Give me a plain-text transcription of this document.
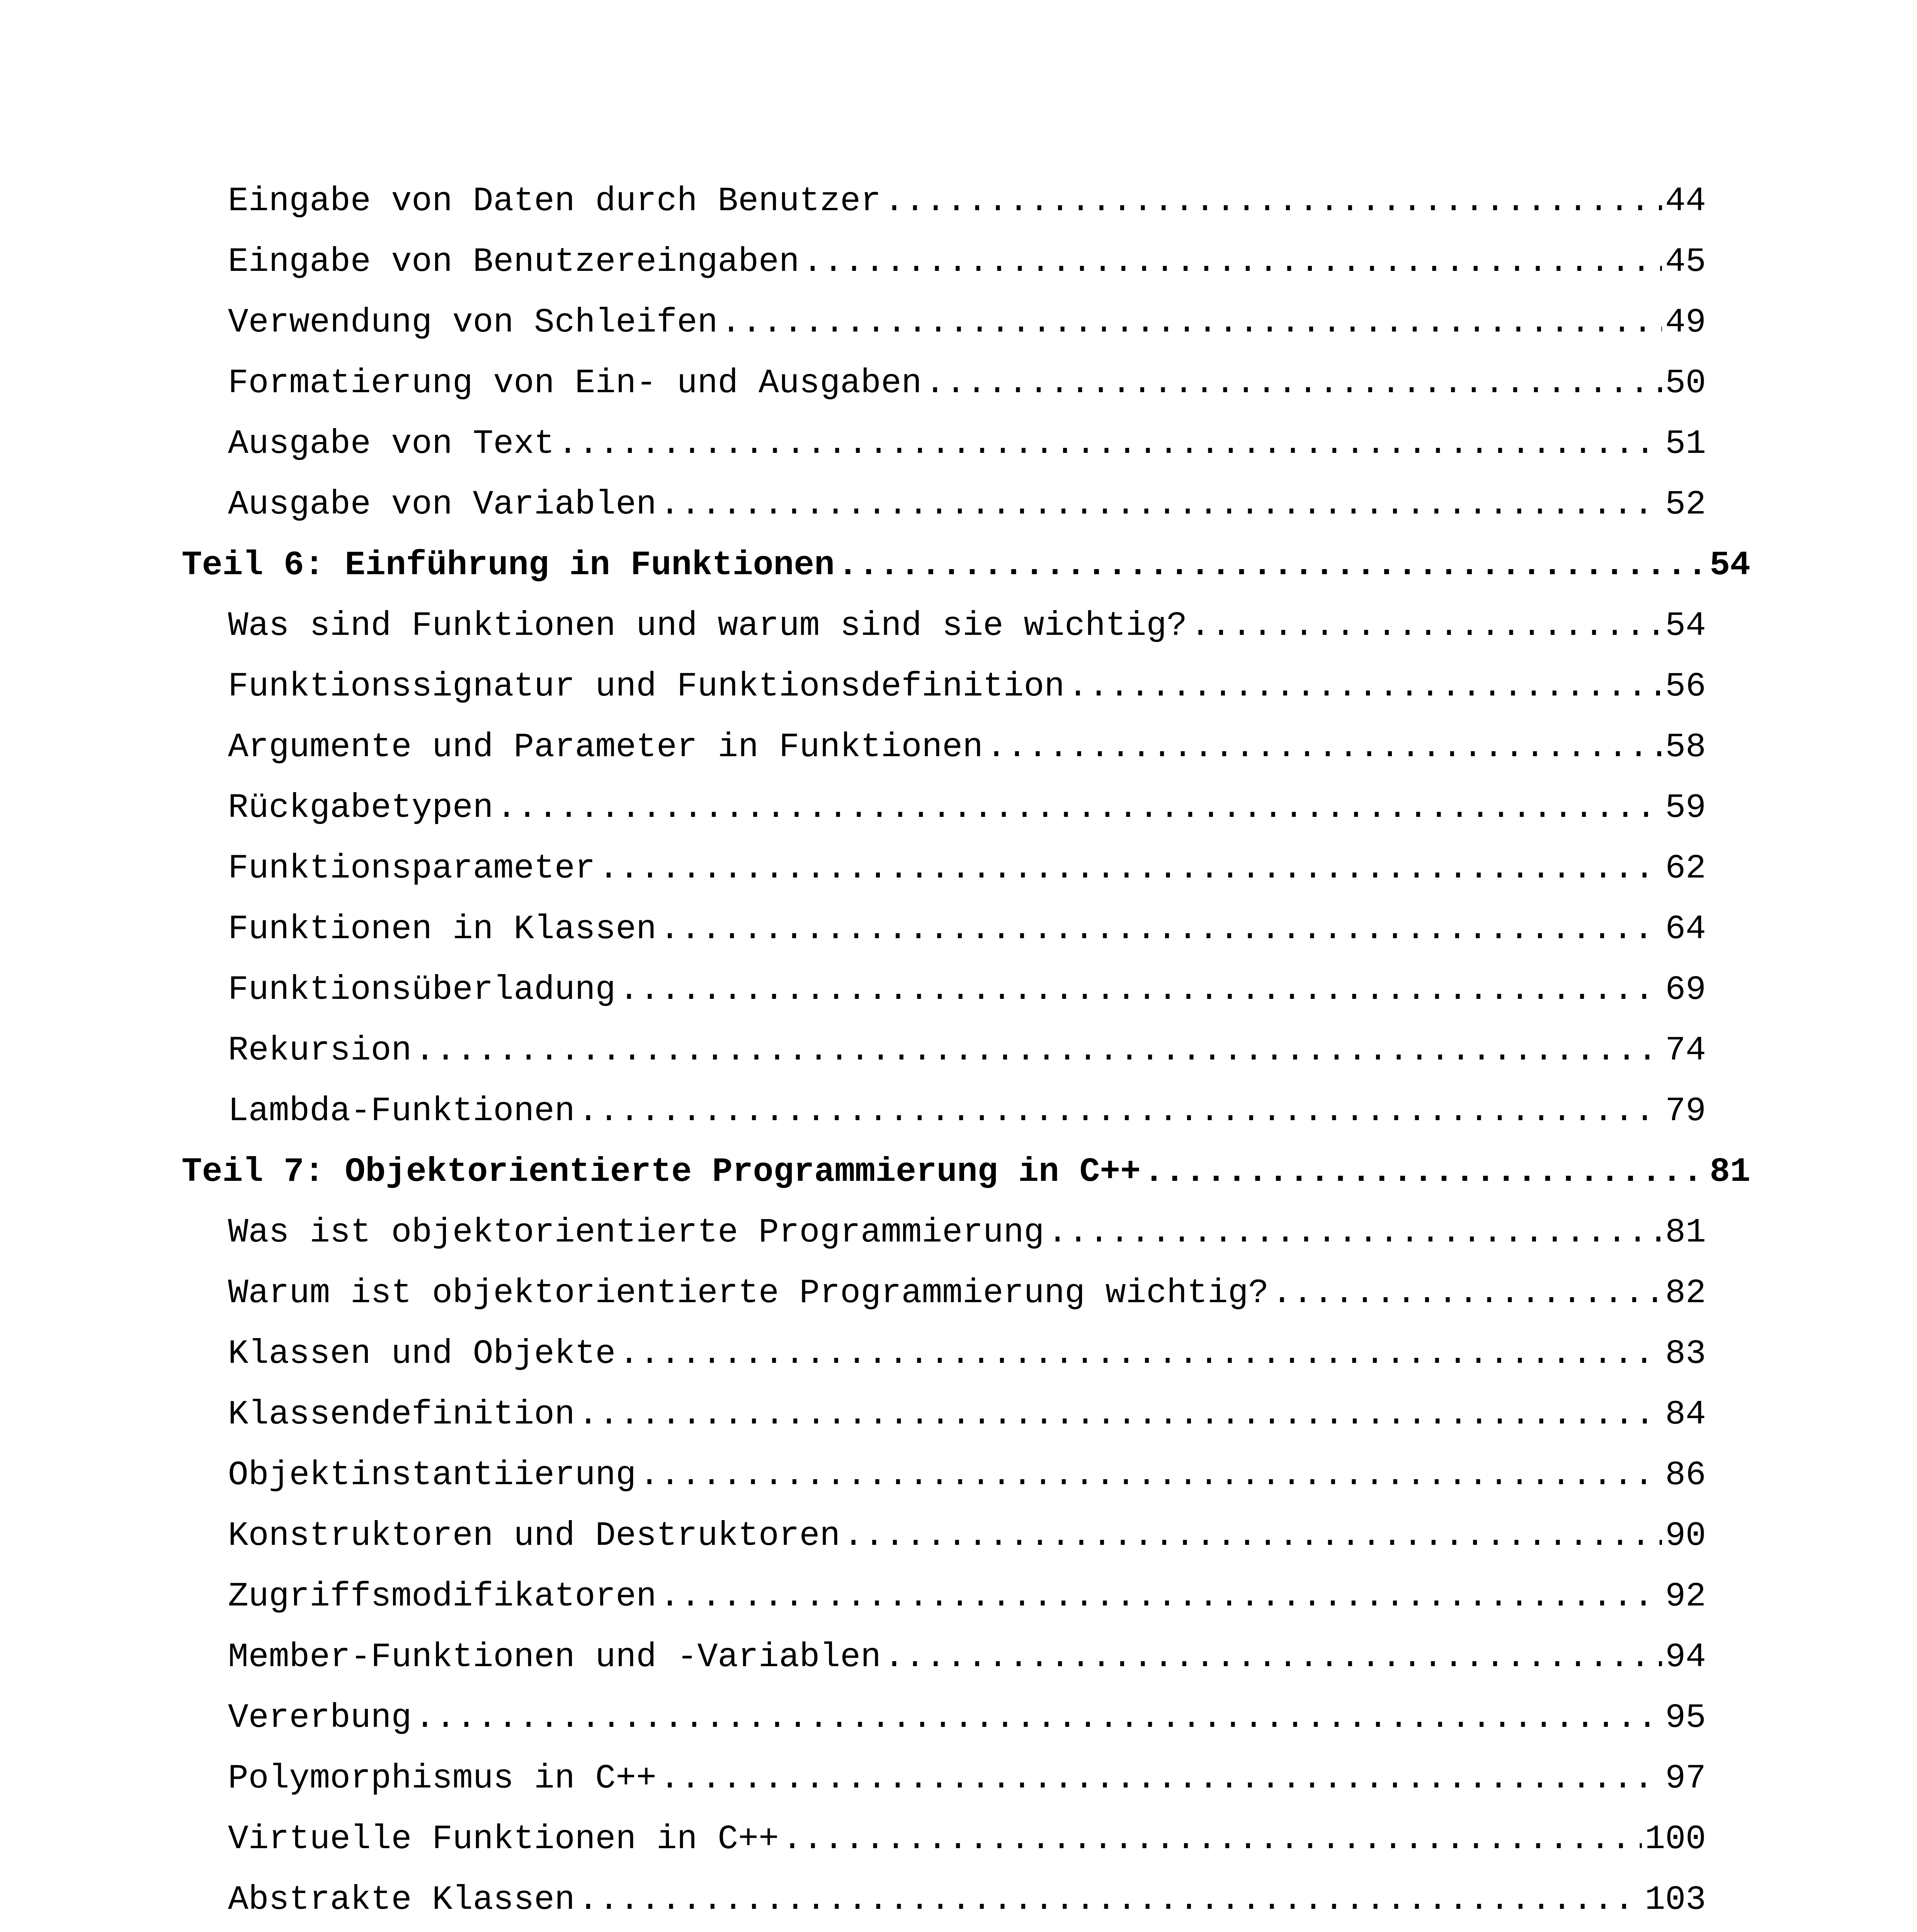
Eingabe von Daten durch Benutzer . . .	44
Eingabe von Benutzereingaben . . .	45
Verwendung von Schleifen . . .	49
Formatierung von Ein- und Ausgaben . . .	50
Ausgabe von Text . . .	51
Ausgabe von Variablen . . .	52
Teil 6: Einführung in Funktionen . . .	54
Was sind Funktionen und warum sind sie wichtig? . . .	54
Funktionssignatur und Funktionsdefinition . . .	56
Argumente und Parameter in Funktionen . . .	58
Rückgabetypen . . .	59
Funktionsparameter . . .	62
Funktionen in Klassen . . .	64
Funktionsüberladung . . .	69
Rekursion . . .	74
Lambda-Funktionen . . .	79
Teil 7: Objektorientierte Programmierung in C++ . . .	81
Was ist objektorientierte Programmierung . . .	81
Warum ist objektorientierte Programmierung wichtig? . . .	82
Klassen und Objekte . . .	83
Klassendefinition . . .	84
Objektinstantiierung . . .	86
Konstruktoren und Destruktoren . . .	90
Zugriffsmodifikatoren . . .	92
Member-Funktionen und -Variablen . . .	94
Vererbung . . .	95
Polymorphismus in C++ . . .	97
Virtuelle Funktionen in C++ . . .	100
Abstrakte Klassen . . .	103
. . .
